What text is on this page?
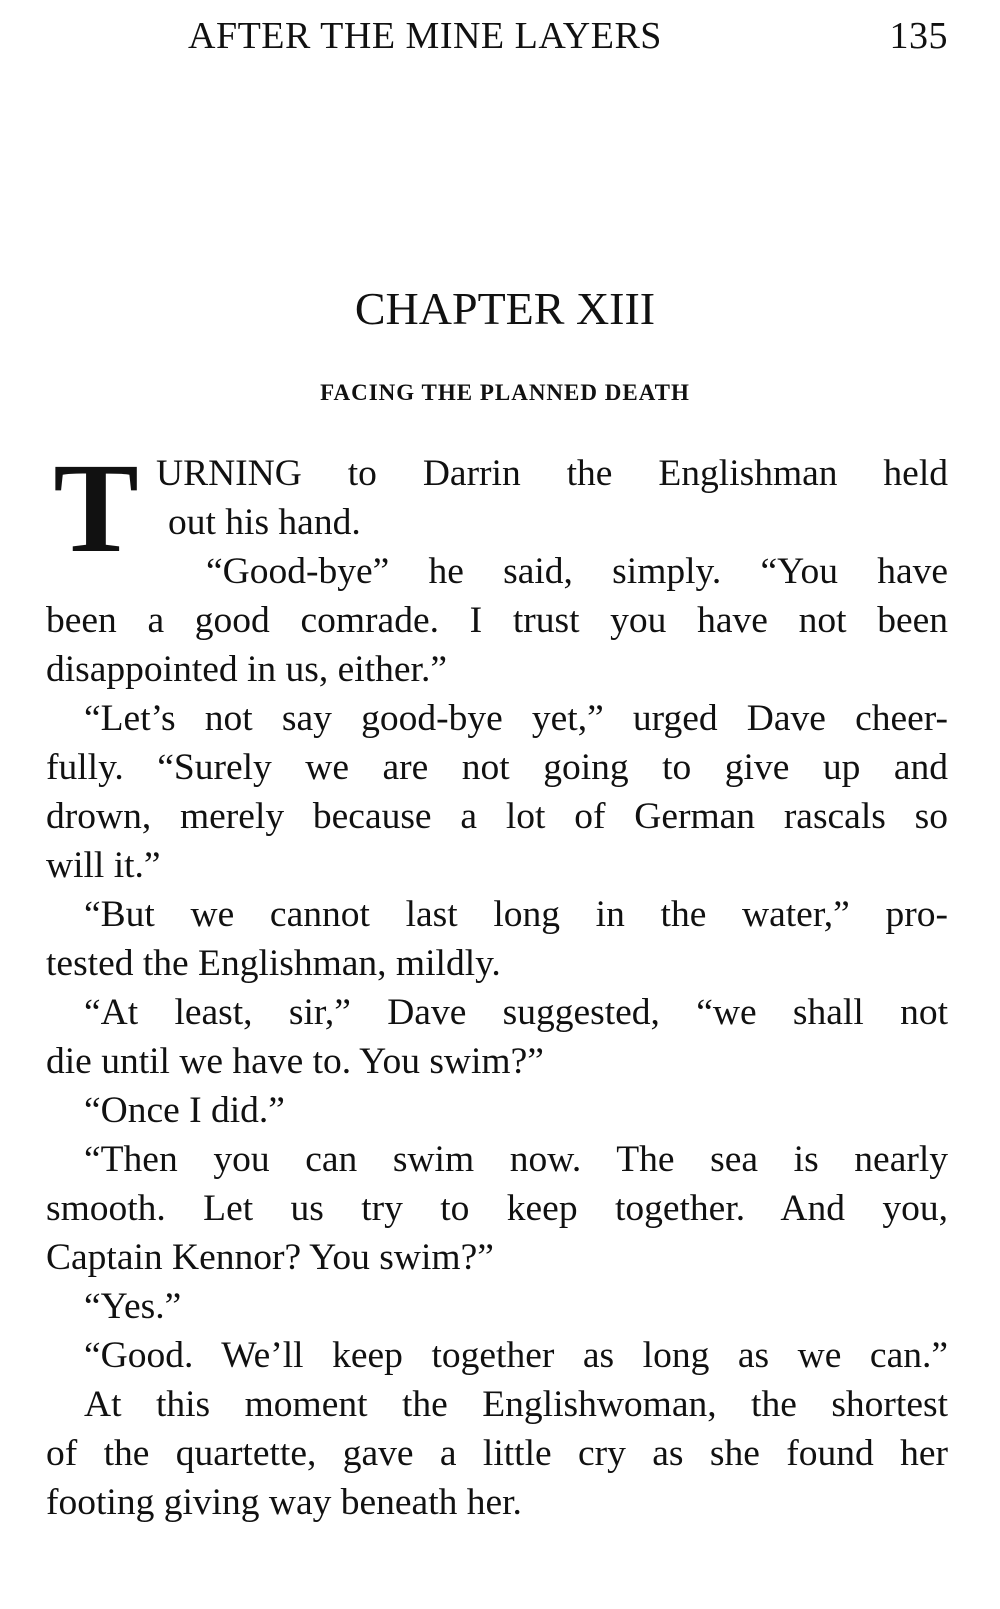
AFTER THE MINE LAYERS	135
CHAPTER XIII
FACING THE PLANNED DEATH
T URNING to Darrin the Englishman held
out his hand.
“Good-bye” he said, simply. “You have
been a good comrade. I trust you have not been
disappointed in us, either.”
“Let’s not say good-bye yet,” urged Dave cheer-
fully. “Surely we are not going to give up and
drown, merely because a lot of German rascals so
will it.”
“But we cannot last long in the water,” pro-
tested the Englishman, mildly.
“At least, sir,” Dave suggested, “we shall not
die until we have to. You swim?”
“Once I did.”
“Then you can swim now. The sea is nearly
smooth. Let us try to keep together. And you,
Captain Kennor? You swim?”
“Yes.”
“Good. We’ll keep together as long as we can.”
At this moment the Englishwoman, the shortest
of the quartette, gave a little cry as she found her
footing giving way beneath her.
